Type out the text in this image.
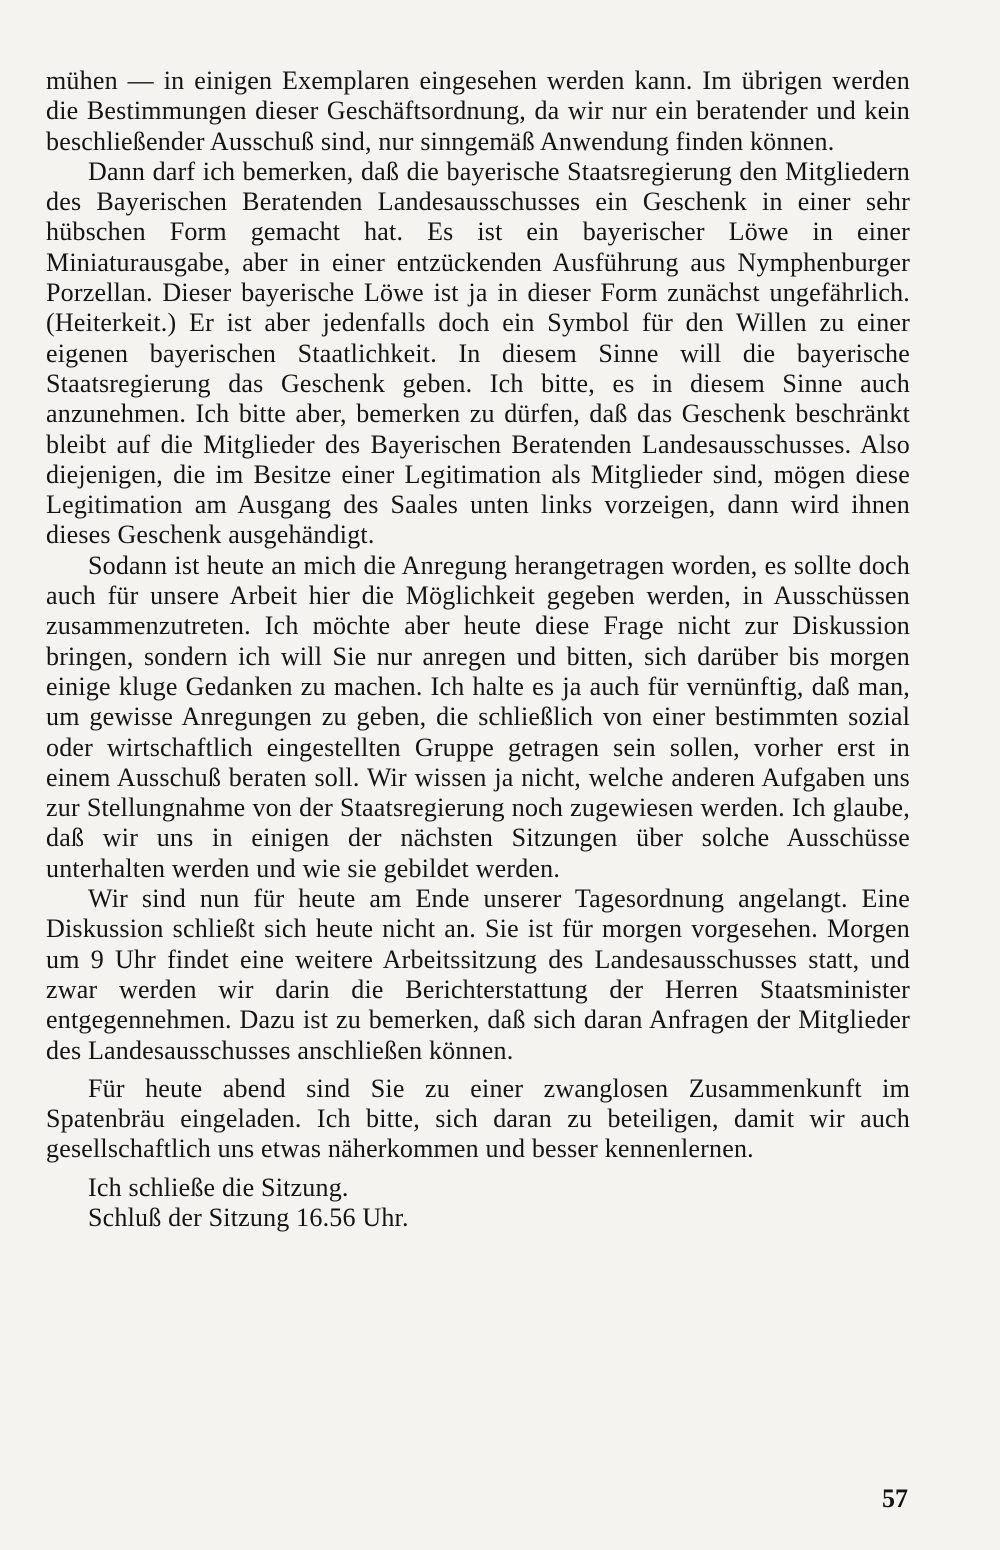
mühen — in einigen Exemplaren eingesehen werden kann. Im übrigen werden die Bestimmungen dieser Geschäftsordnung, da wir nur ein beratender und kein beschließender Ausschuß sind, nur sinngemäß Anwendung finden können.

Dann darf ich bemerken, daß die bayerische Staatsregierung den Mitgliedern des Bayerischen Beratenden Landesausschusses ein Geschenk in einer sehr hübschen Form gemacht hat. Es ist ein bayerischer Löwe in einer Miniaturausgabe, aber in einer entzückenden Ausführung aus Nymphenburger Porzellan. Dieser bayerische Löwe ist ja in dieser Form zunächst ungefährlich. (Heiterkeit.) Er ist aber jedenfalls doch ein Symbol für den Willen zu einer eigenen bayerischen Staatlichkeit. In diesem Sinne will die bayerische Staatsregierung das Geschenk geben. Ich bitte, es in diesem Sinne auch anzunehmen. Ich bitte aber, bemerken zu dürfen, daß das Geschenk beschränkt bleibt auf die Mitglieder des Bayerischen Beratenden Landesausschusses. Also diejenigen, die im Besitze einer Legitimation als Mitglieder sind, mögen diese Legitimation am Ausgang des Saales unten links vorzeigen, dann wird ihnen dieses Geschenk ausgehändigt.

Sodann ist heute an mich die Anregung herangetragen worden, es sollte doch auch für unsere Arbeit hier die Möglichkeit gegeben werden, in Ausschüssen zusammenzutreten. Ich möchte aber heute diese Frage nicht zur Diskussion bringen, sondern ich will Sie nur anregen und bitten, sich darüber bis morgen einige kluge Gedanken zu machen. Ich halte es ja auch für vernünftig, daß man, um gewisse Anregungen zu geben, die schließlich von einer bestimmten sozial oder wirtschaftlich eingestellten Gruppe getragen sein sollen, vorher erst in einem Ausschuß beraten soll. Wir wissen ja nicht, welche anderen Aufgaben uns zur Stellungnahme von der Staatsregierung noch zugewiesen werden. Ich glaube, daß wir uns in einigen der nächsten Sitzungen über solche Ausschüsse unterhalten werden und wie sie gebildet werden.

Wir sind nun für heute am Ende unserer Tagesordnung angelangt. Eine Diskussion schließt sich heute nicht an. Sie ist für morgen vorgesehen. Morgen um 9 Uhr findet eine weitere Arbeitssitzung des Landesausschusses statt, und zwar werden wir darin die Berichterstattung der Herren Staatsminister entgegennehmen. Dazu ist zu bemerken, daß sich daran Anfragen der Mitglieder des Landesausschusses anschließen können.

Für heute abend sind Sie zu einer zwanglosen Zusammenkunft im Spatenbräu eingeladen. Ich bitte, sich daran zu beteiligen, damit wir auch gesellschaftlich uns etwas näherkommen und besser kennenlernen.

Ich schließe die Sitzung.

Schluß der Sitzung 16.56 Uhr.

57
